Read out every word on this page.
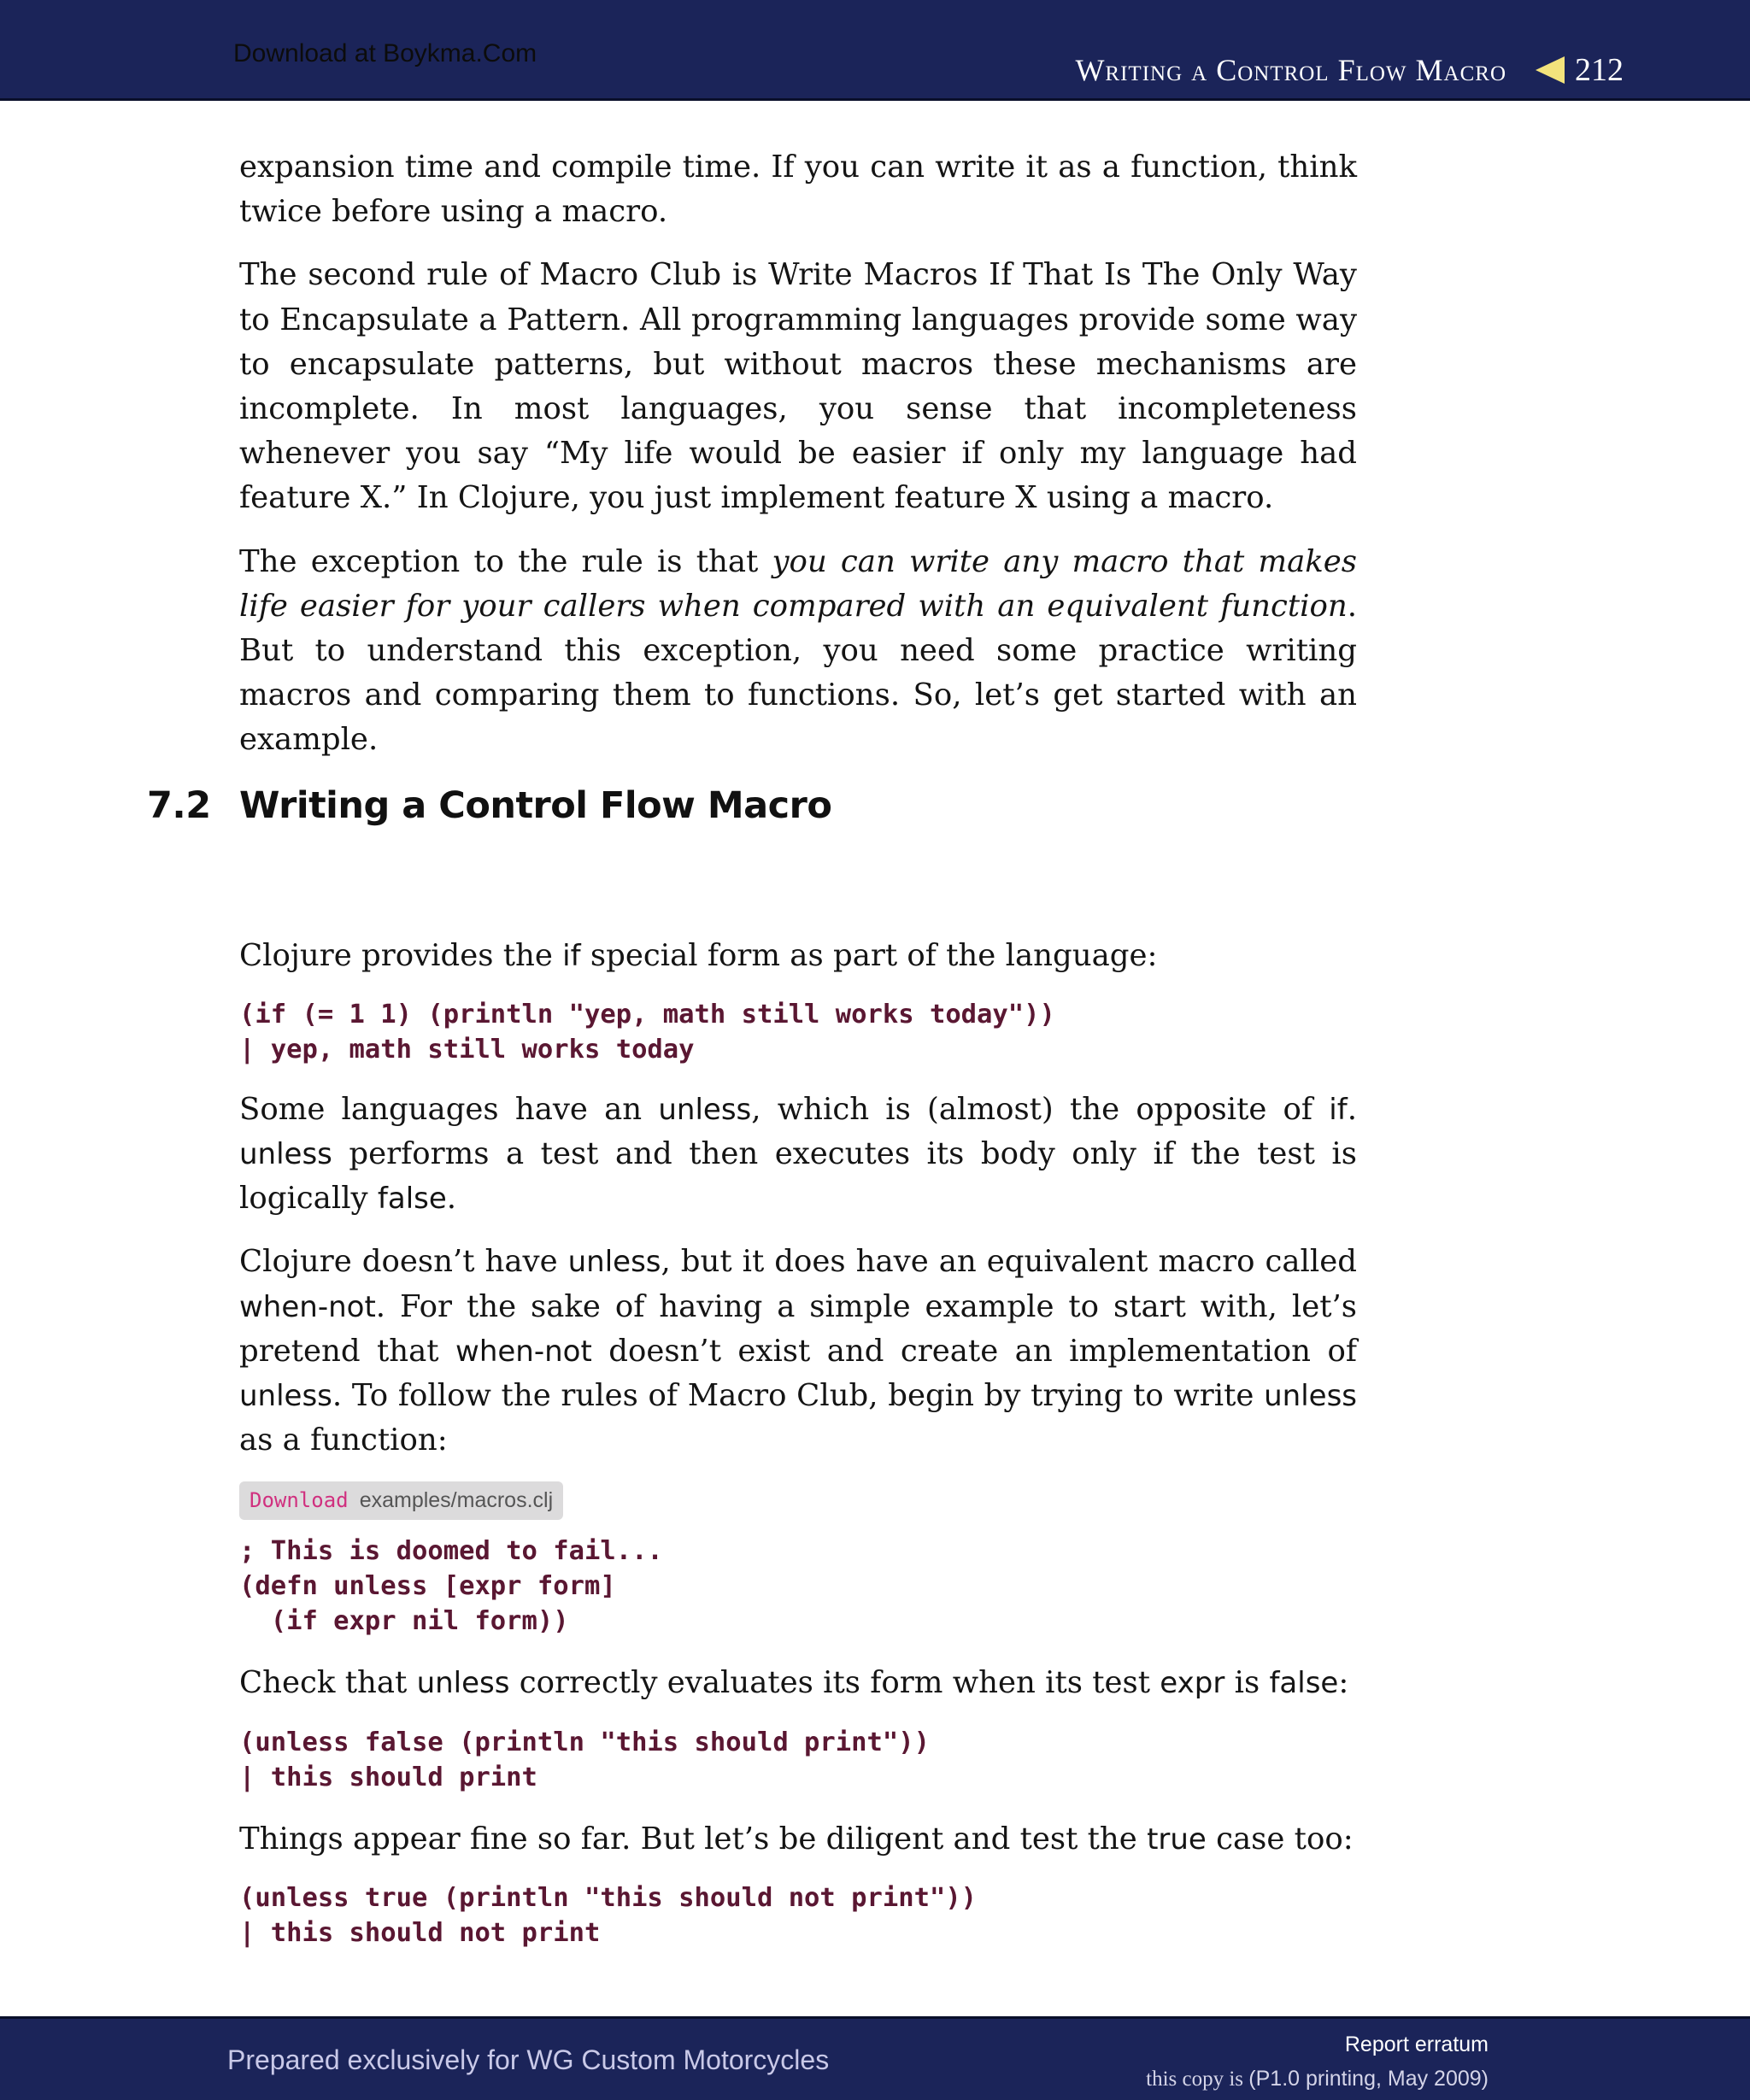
Download at Boykma.Com	Writing a Control Flow Macro 212
7.2 Writing a Control Flow Macro

expansion time and compile time. If you can write it as a function, think twice before using a macro.

The second rule of Macro Club is Write Macros If That Is The Only Way to Encapsulate a Pattern. All programming languages provide some way to encapsulate patterns, but without macros these mechanisms are incomplete. In most languages, you sense that incompleteness whenever you say “My life would be easier if only my language had feature X.” In Clojure, you just implement feature X using a macro.

The exception to the rule is that you can write any macro that makes life easier for your callers when compared with an equivalent function. But to understand this exception, you need some practice writing macros and comparing them to functions. So, let’s get started with an example.

Clojure provides the if special form as part of the language:

(if (= 1 1) (println "yep, math still works today"))
| yep, math still works today

Some languages have an unless, which is (almost) the opposite of if. unless performs a test and then executes its body only if the test is logically false.

Clojure doesn’t have unless, but it does have an equivalent macro called when-not. For the sake of having a simple example to start with, let’s pretend that when-not doesn’t exist and create an implementation of unless. To follow the rules of Macro Club, begin by trying to write unless as a function:

Download examples/macros.clj
; This is doomed to fail...
(defn unless [expr form]
(if expr nil form))

Check that unless correctly evaluates its form when its test expr is false:

(unless false (println "this should print"))
| this should print

Things appear fine so far. But let’s be diligent and test the true case too:

(unless true (println "this should not print"))
| this should not print
Prepared exclusively for WG Custom Motorcycles	Report erratum
this copy is (P1.0 printing, May 2009)
